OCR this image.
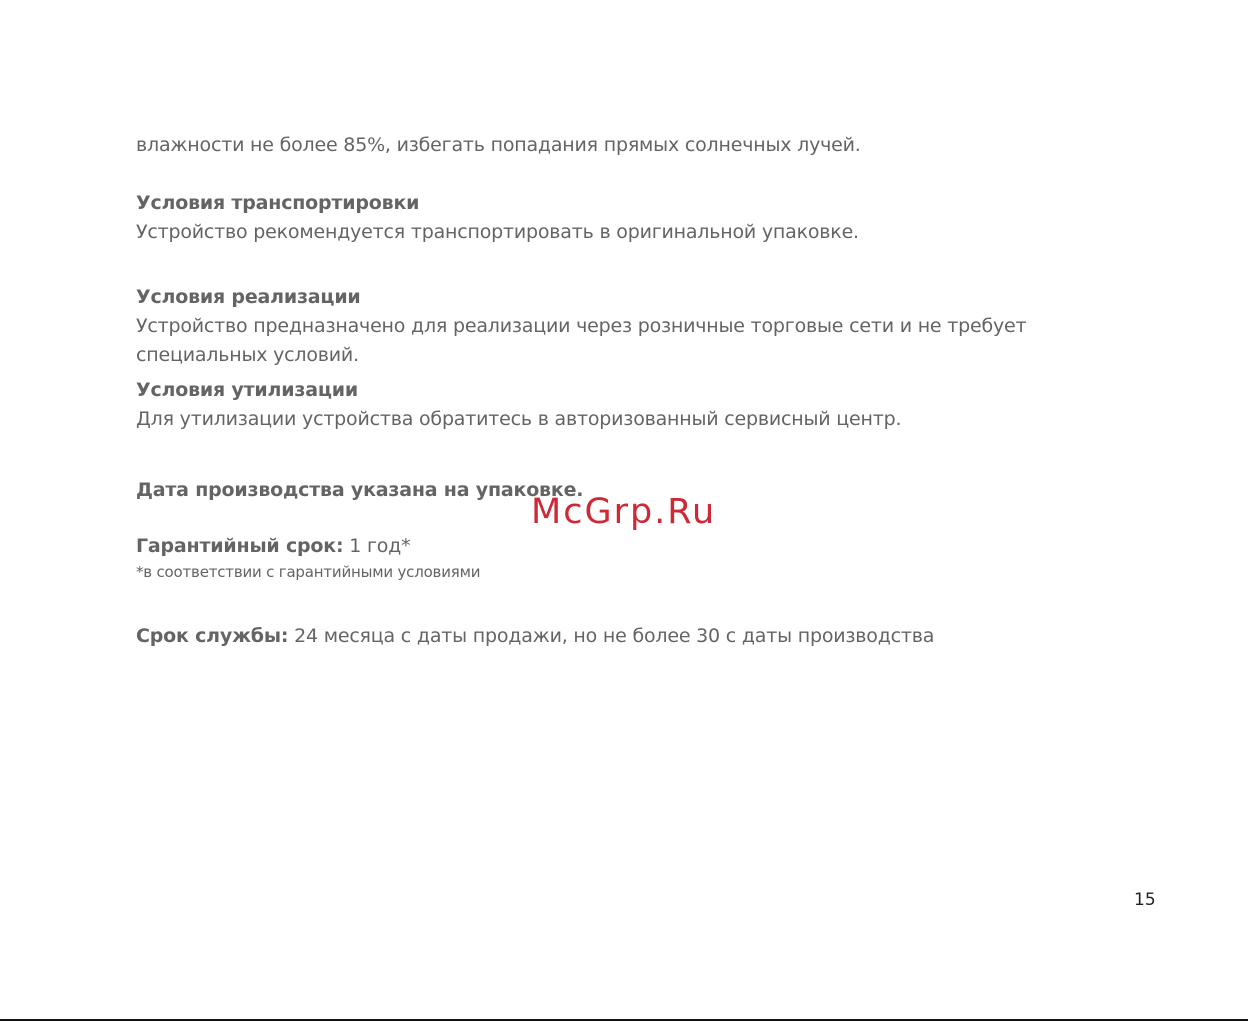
влажности не более 85%, избегать попадания прямых солнечных лучей.
Условия транспортировки
Устройство рекомендуется транспортировать в оригинальной упаковке.
Условия реализации
Устройство предназначено для реализации через розничные торговые сети и не требует
специальных условий.
Условия утилизации
Для утилизации устройства обратитесь в авторизованный сервисный центр.
Дата производства указана на упаковке.
Гарантийный срок: 1 год*
*в соответствии с гарантийными условиями
Срок службы: 24 месяца с даты продажи, но не более 30 с даты производства
McGrp.Ru
15
